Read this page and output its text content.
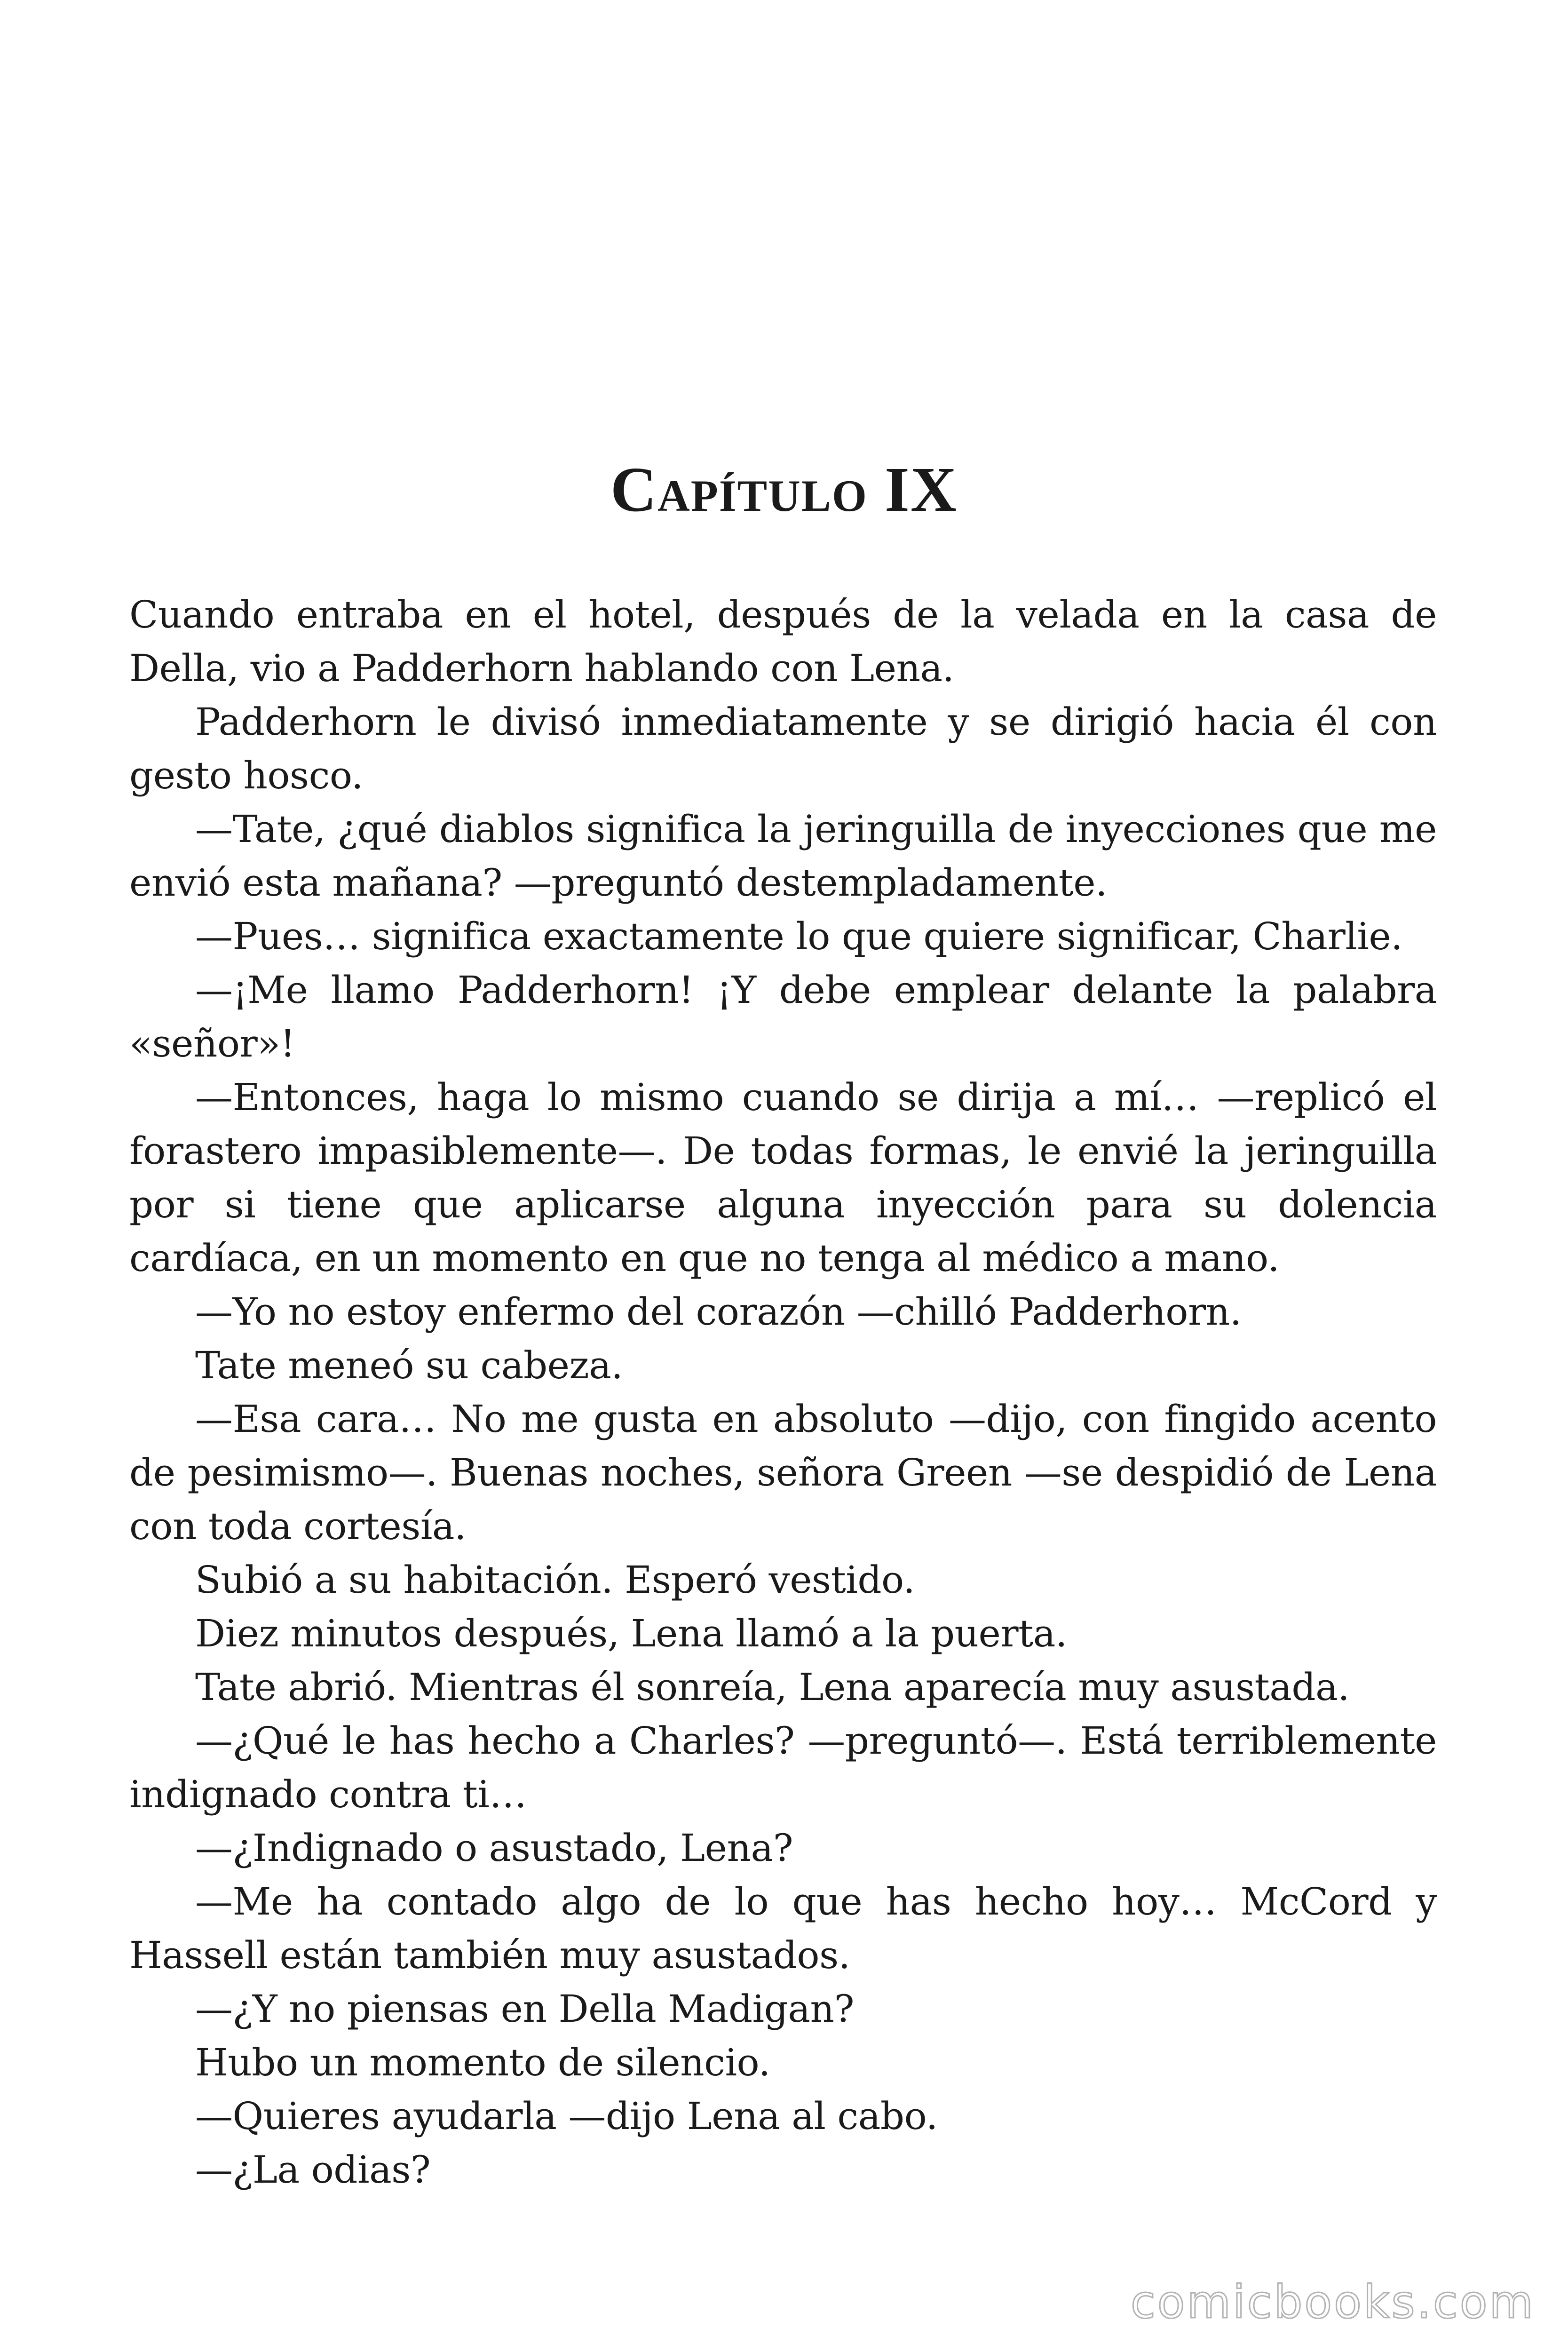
Capítulo IX

Cuando entraba en el hotel, después de la velada en la casa de Della, vio a Padderhorn hablando con Lena.

Padderhorn le divisó inmediatamente y se dirigió hacia él con gesto hosco.

—Tate, ¿qué diablos significa la jeringuilla de inyecciones que me envió esta mañana? —preguntó destempladamente.

—Pues… significa exactamente lo que quiere significar, Charlie.

—¡Me llamo Padderhorn! ¡Y debe emplear delante la palabra «señor»!

—Entonces, haga lo mismo cuando se dirija a mí… —replicó el forastero impasiblemente—. De todas formas, le envié la jeringuilla por si tiene que aplicarse alguna inyección para su dolencia cardíaca, en un momento en que no tenga al médico a mano.

—Yo no estoy enfermo del corazón —chilló Padderhorn.

Tate meneó su cabeza.

—Esa cara… No me gusta en absoluto —dijo, con fingido acento de pesimismo—. Buenas noches, señora Green —se despidió de Lena con toda cortesía.

Subió a su habitación. Esperó vestido.

Diez minutos después, Lena llamó a la puerta.

Tate abrió. Mientras él sonreía, Lena aparecía muy asustada.

—¿Qué le has hecho a Charles? —preguntó—. Está terriblemente indignado contra ti…

—¿Indignado o asustado, Lena?

—Me ha contado algo de lo que has hecho hoy… McCord y Hassell están también muy asustados.

—¿Y no piensas en Della Madigan?

Hubo un momento de silencio.

—Quieres ayudarla —dijo Lena al cabo.

—¿La odias?

comicbooks.com
